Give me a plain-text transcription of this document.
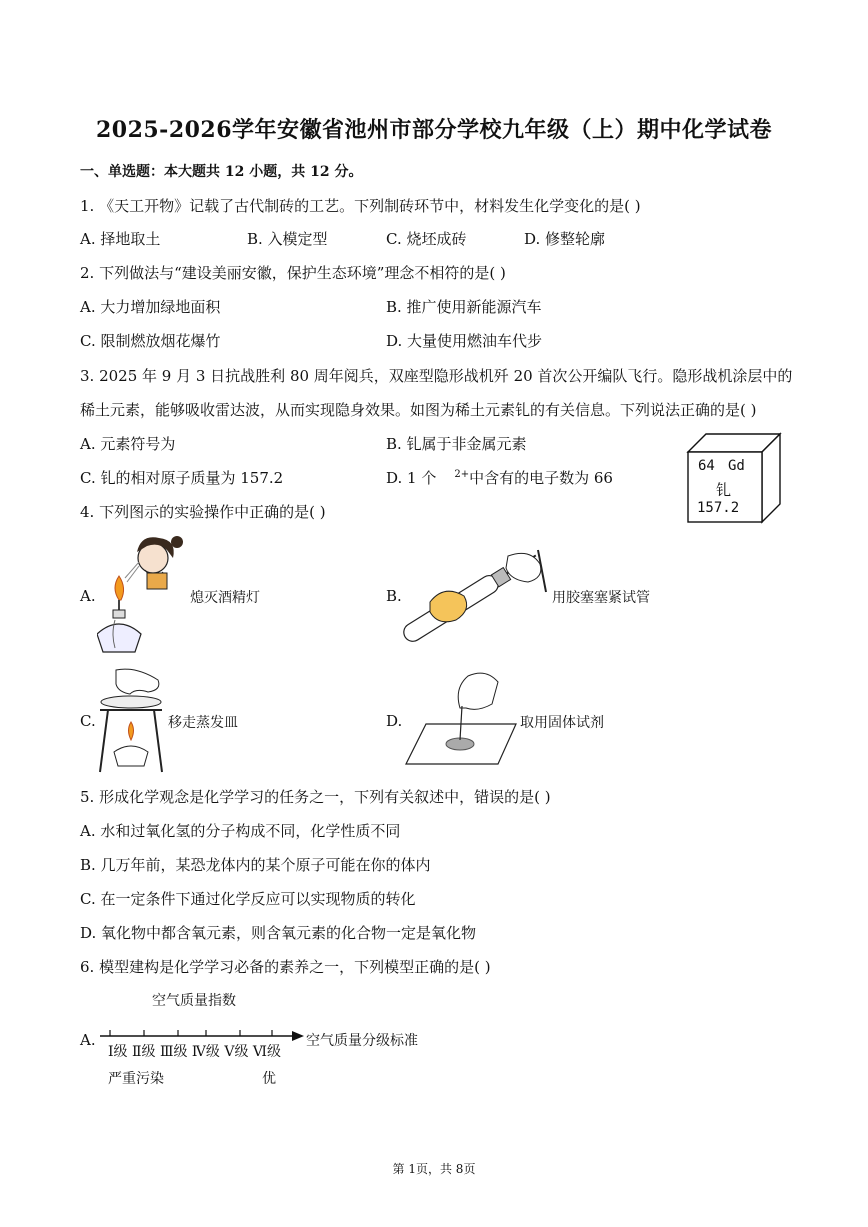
2025-2026学年安徽省池州市部分学校九年级（上）期中化学试卷
一、单选题：本大题共 12 小题，共 12 分。
1. 《天工开物》记载了古代制砖的工艺。下列制砖环节中，材料发生化学变化的是( )
A. 择地取土	B. 入模定型	C. 烧坯成砖	D. 修整轮廓
2. 下列做法与“建设美丽安徽，保护生态环境”理念不相符的是( )
A. 大力增加绿地面积	B. 推广使用新能源汽车
C. 限制燃放烟花爆竹	D. 大量使用燃油车代步
3. 2025 年 9 月 3 日抗战胜利 80 周年阅兵，双座型隐形战机歼 20 首次公开编队飞行。隐形战机涂层中的
稀土元素，能够吸收雷达波，从而实现隐身效果。如图为稀土元素钆的有关信息。下列说法正确的是( )
A. 元素符号为	B. 钆属于非金属元素
C. 钆的相对原子质量为 157.2	D. 1 个 $^{2+}$中含有的电子数为 66
64 Gd
钆
157.2
4. 下列图示的实验操作中正确的是( )
A.	熄灭酒精灯	B.	用胶塞塞紧试管
C.	移走蒸发皿	D.	取用固体试剂
5. 形成化学观念是化学学习的任务之一，下列有关叙述中，错误的是( )
A. 水和过氧化氢的分子构成不同，化学性质不同
B. 几万年前，某恐龙体内的某个原子可能在你的体内
C. 在一定条件下通过化学反应可以实现物质的转化
D. 氧化物中都含氧元素，则含氧元素的化合物一定是氧化物
6. 模型建构是化学学习必备的素养之一，下列模型正确的是( )
空气质量指数
A.	空气质量分级标准
Ⅰ级 Ⅱ级 Ⅲ级 Ⅳ级 Ⅴ级 Ⅵ级
严重污染	优
第 1页，共 8页
